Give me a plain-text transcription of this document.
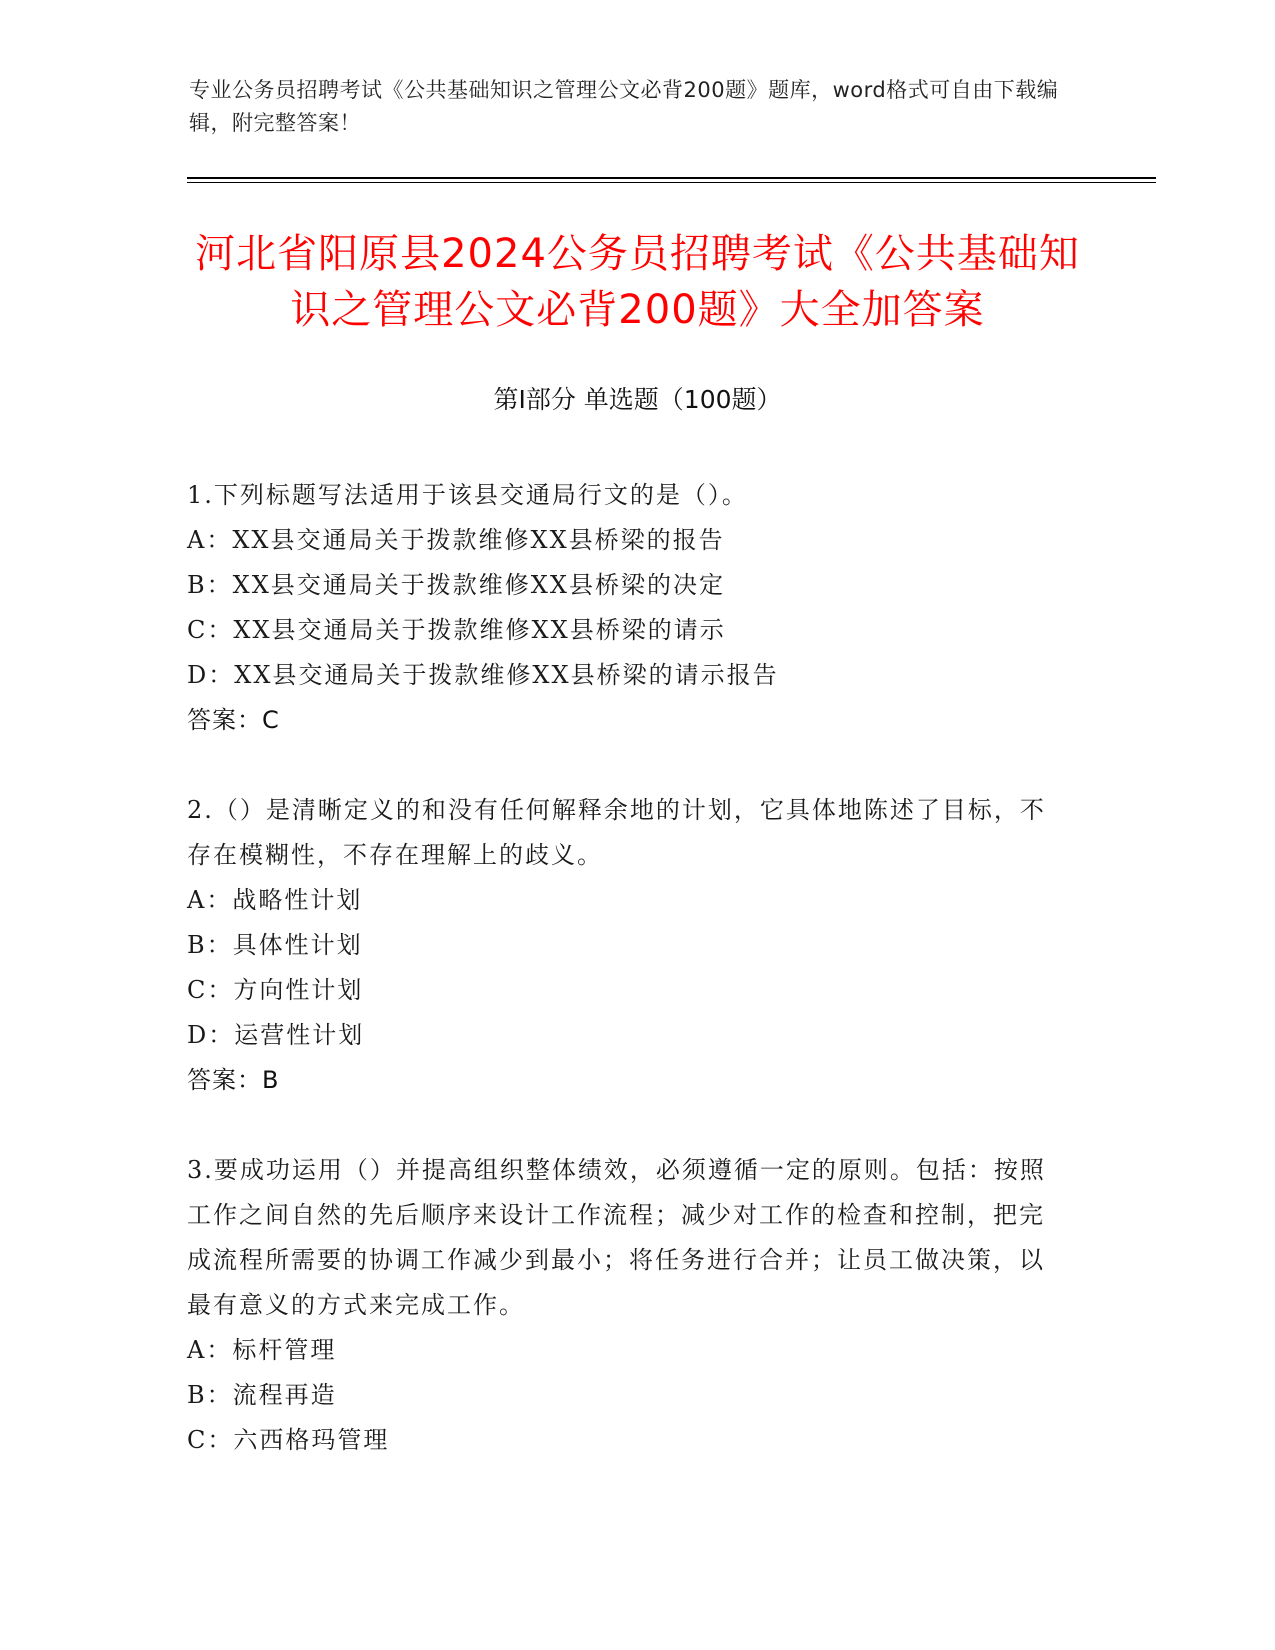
专业公务员招聘考试《公共基础知识之管理公文必背200题》题库，word格式可自由下载编辑，附完整答案！
河北省阳原县2024公务员招聘考试《公共基础知识之管理公文必背200题》大全加答案
第Ⅰ部分 单选题（100题）
1.下列标题写法适用于该县交通局行文的是（）。
A：XX县交通局关于拨款维修XX县桥梁的报告
B：XX县交通局关于拨款维修XX县桥梁的决定
C：XX县交通局关于拨款维修XX县桥梁的请示
D：XX县交通局关于拨款维修XX县桥梁的请示报告
答案：C
2.（）是清晰定义的和没有任何解释余地的计划，它具体地陈述了目标，不存在模糊性，不存在理解上的歧义。
A：战略性计划
B：具体性计划
C：方向性计划
D：运营性计划
答案：B
3.要成功运用（）并提高组织整体绩效，必须遵循一定的原则。包括：按照工作之间自然的先后顺序来设计工作流程；减少对工作的检查和控制，把完成流程所需要的协调工作减少到最小；将任务进行合并；让员工做决策，以最有意义的方式来完成工作。
A：标杆管理
B：流程再造
C：六西格玛管理
